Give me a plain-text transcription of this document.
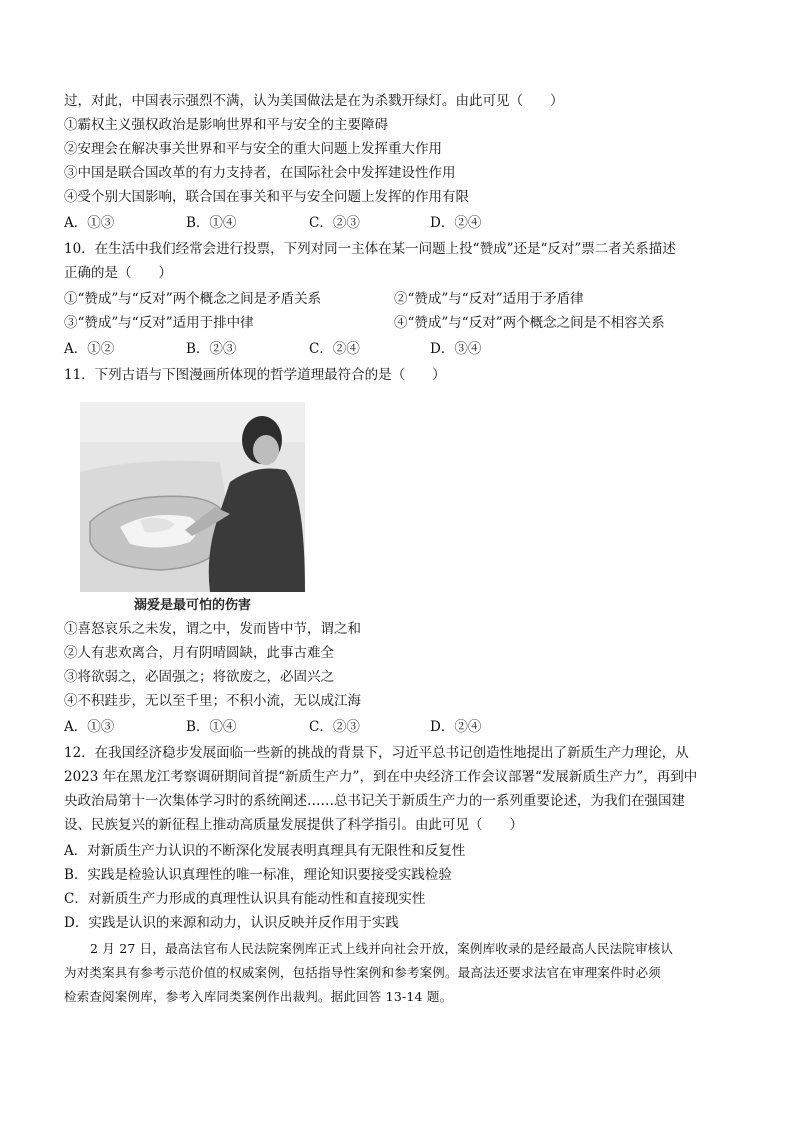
过，对此，中国表示强烈不满，认为美国做法是在为杀戮开绿灯。由此可见（　　）
①霸权主义强权政治是影响世界和平与安全的主要障碍
②安理会在解决事关世界和平与安全的重大问题上发挥重大作用
③中国是联合国改革的有力支持者，在国际社会中发挥建设性作用
④受个别大国影响，联合国在事关和平与安全问题上发挥的作用有限
A．①③	B．①④	C．②③	D．②④
10．在生活中我们经常会进行投票，下列对同一主体在某一问题上投“赞成”还是“反对”票二者关系描述
正确的是（　　）
①“赞成”与“反对”两个概念之间是矛盾关系	②“赞成”与“反对”适用于矛盾律
③“赞成”与“反对”适用于排中律	④“赞成”与“反对”两个概念之间是不相容关系
A．①②	B．②③	C．②④	D．③④
11．下列古语与下图漫画所体现的哲学道理最符合的是（　　）
溺爱是最可怕的伤害
①喜怒哀乐之未发，谓之中，发而皆中节，谓之和
②人有悲欢离合，月有阴晴圆缺，此事古难全
③将欲弱之，必固强之；将欲废之，必固兴之
④不积跬步，无以至千里；不积小流，无以成江海
A．①③	B．①④	C．②③	D．②④
12．在我国经济稳步发展面临一些新的挑战的背景下，习近平总书记创造性地提出了新质生产力理论，从
2023 年在黑龙江考察调研期间首提“新质生产力”，到在中央经济工作会议部署“发展新质生产力”，再到中
央政治局第十一次集体学习时的系统阐述……总书记关于新质生产力的一系列重要论述，为我们在强国建
设、民族复兴的新征程上推动高质量发展提供了科学指引。由此可见（　　）
A．对新质生产力认识的不断深化发展表明真理具有无限性和反复性
B．实践是检验认识真理性的唯一标准，理论知识要接受实践检验
C．对新质生产力形成的真理性认识具有能动性和直接现实性
D．实践是认识的来源和动力，认识反映并反作用于实践
2 月 27 日，最高法官布人民法院案例库正式上线并向社会开放，案例库收录的是经最高人民法院审核认
为对类案具有参考示范价值的权威案例，包括指导性案例和参考案例。最高法还要求法官在审理案件时必须
检索查阅案例库，参考入库同类案例作出裁判。据此回答 13-14 题。
